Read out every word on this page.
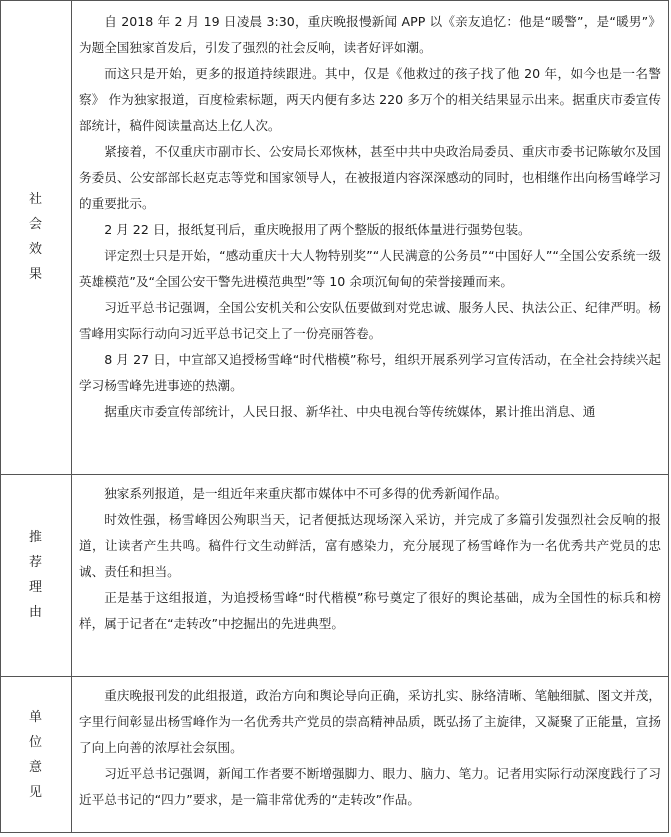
社
会
效
果

自 2018 年 2 月 19 日凌晨 3:30，重庆晚报慢新闻 APP 以《亲友追忆：他是“暖警”，是“暖男”》为题全国独家首发后，引发了强烈的社会反响，读者好评如潮。

而这只是开始，更多的报道持续跟进。其中，仅是《他救过的孩子找了他 20 年，如今也是一名警察》 作为独家报道，百度检索标题，两天内便有多达 220 多万个的相关结果显示出来。据重庆市委宣传部统计，稿件阅读量高达上亿人次。

紧接着，不仅重庆市副市长、公安局长邓恢林，甚至中共中央政治局委员、重庆市委书记陈敏尔及国务委员、公安部部长赵克志等党和国家领导人，在被报道内容深深感动的同时，也相继作出向杨雪峰学习的重要批示。

2 月 22 日，报纸复刊后，重庆晚报用了两个整版的报纸体量进行强势包装。

评定烈士只是开始，“感动重庆十大人物特别奖”“人民满意的公务员”“中国好人”“全国公安系统一级英雄模范”及“全国公安干警先进模范典型”等 10 余项沉甸甸的荣誉接踵而来。

习近平总书记强调，全国公安机关和公安队伍要做到对党忠诚、服务人民、执法公正、纪律严明。杨雪峰用实际行动向习近平总书记交上了一份亮丽答卷。

8 月 27 日，中宣部又追授杨雪峰“时代楷模”称号，组织开展系列学习宣传活动，在全社会持续兴起学习杨雪峰先进事迹的热潮。

据重庆市委宣传部统计，人民日报、新华社、中央电视台等传统媒体，累计推出消息、通

推
荐
理
由

独家系列报道，是一组近年来重庆都市媒体中不可多得的优秀新闻作品。

时效性强，杨雪峰因公殉职当天，记者便抵达现场深入采访，并完成了多篇引发强烈社会反响的报道，让读者产生共鸣。稿件行文生动鲜活，富有感染力，充分展现了杨雪峰作为一名优秀共产党员的忠诚、责任和担当。

正是基于这组报道，为追授杨雪峰“时代楷模”称号奠定了很好的舆论基础，成为全国性的标兵和榜样，属于记者在“走转改”中挖掘出的先进典型。

单
位
意
见

重庆晚报刊发的此组报道，政治方向和舆论导向正确，采访扎实、脉络清晰、笔触细腻、图文并茂，字里行间彰显出杨雪峰作为一名优秀共产党员的崇高精神品质，既弘扬了主旋律，又凝聚了正能量，宣扬了向上向善的浓厚社会氛围。

习近平总书记强调，新闻工作者要不断增强脚力、眼力、脑力、笔力。记者用实际行动深度践行了习近平总书记的“四力”要求，是一篇非常优秀的“走转改”作品。
